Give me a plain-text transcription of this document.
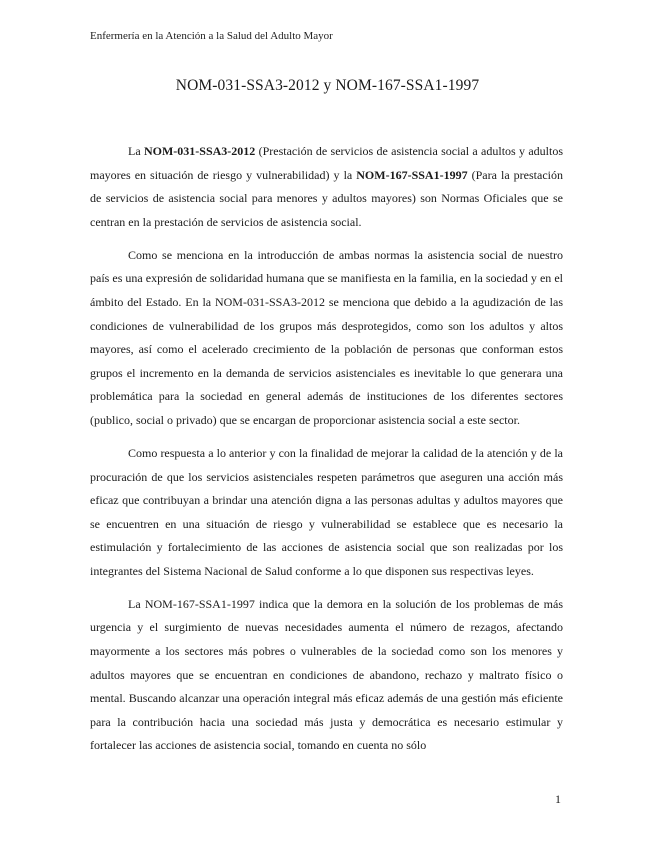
Enfermería en la Atención a la Salud del Adulto Mayor
NOM-031-SSA3-2012 y NOM-167-SSA1-1997

La NOM-031-SSA3-2012 (Prestación de servicios de asistencia social a adultos y adultos mayores en situación de riesgo y vulnerabilidad) y la NOM-167-SSA1-1997 (Para la prestación de servicios de asistencia social para menores y adultos mayores) son Normas Oficiales que se centran en la prestación de servicios de asistencia social.

Como se menciona en la introducción de ambas normas la asistencia social de nuestro país es una expresión de solidaridad humana que se manifiesta en la familia, en la sociedad y en el ámbito del Estado. En la NOM-031-SSA3-2012 se menciona que debido a la agudización de las condiciones de vulnerabilidad de los grupos más desprotegidos, como son los adultos y altos mayores, así como el acelerado crecimiento de la población de personas que conforman estos grupos el incremento en la demanda de servicios asistenciales es inevitable lo que generara una problemática para la sociedad en general además de instituciones de los diferentes sectores (publico, social o privado) que se encargan de proporcionar asistencia social a este sector.

Como respuesta a lo anterior y con la finalidad de mejorar la calidad de la atención y de la procuración de que los servicios asistenciales respeten parámetros que aseguren una acción más eficaz que contribuyan a brindar una atención digna a las personas adultas y adultos mayores que se encuentren en una situación de riesgo y vulnerabilidad se establece que es necesario la estimulación y fortalecimiento de las acciones de asistencia social que son realizadas por los integrantes del Sistema Nacional de Salud conforme a lo que disponen sus respectivas leyes.

La NOM-167-SSA1-1997 indica que la demora en la solución de los problemas de más urgencia y el surgimiento de nuevas necesidades aumenta el número de rezagos, afectando mayormente a los sectores más pobres o vulnerables de la sociedad como son los menores y adultos mayores que se encuentran en condiciones de abandono, rechazo y maltrato físico o mental. Buscando alcanzar una operación integral más eficaz además de una gestión más eficiente para la contribución hacia una sociedad más justa y democrática es necesario estimular y fortalecer las acciones de asistencia social, tomando en cuenta no sólo

1
